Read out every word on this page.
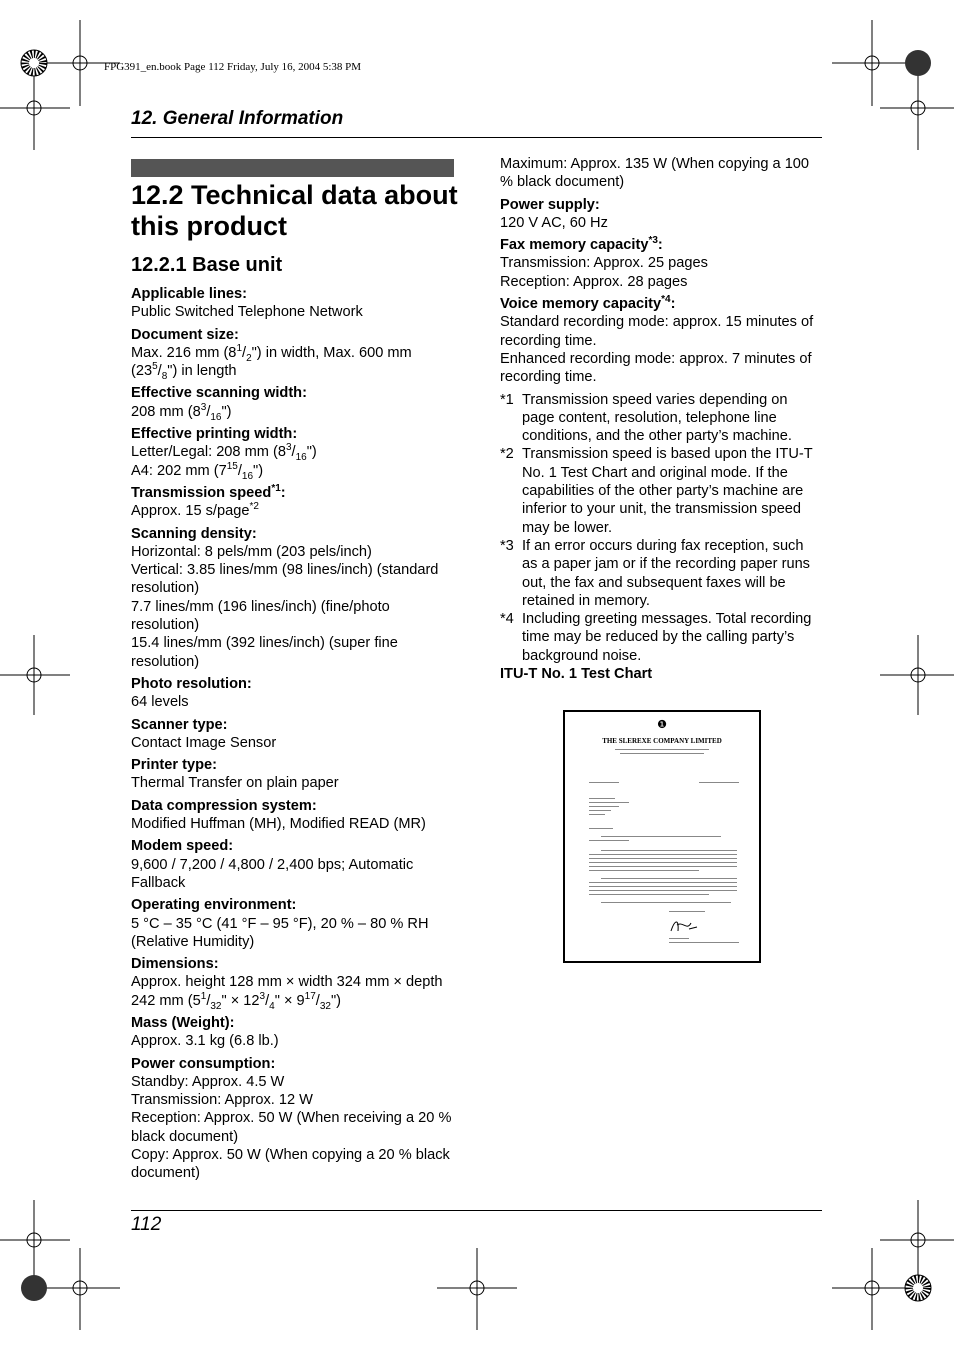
FPG391_en.book Page 112 Friday, July 16, 2004 5:38 PM
12. General Information
12.2 Technical data about this product
12.2.1 Base unit
Applicable lines:
Public Switched Telephone Network
Document size:
Max. 216 mm $(8^1/_2")$ in width, Max. 600 mm $(23^5/_8")$ in length
Effective scanning width:
208 mm $(8^3/_{16}")$
Effective printing width:
Letter/Legal: 208 mm $(8^3/_{16}")$
A4: 202 mm $(7^{15}/_{16}")$
Transmission speed$^{*1}$:
Approx. 15 s/page$^{*2}$
Scanning density:
Horizontal: 8 pels/mm (203 pels/inch)
Vertical: 3.85 lines/mm (98 lines/inch) (standard resolution)
7.7 lines/mm (196 lines/inch) (fine/photo resolution)
15.4 lines/mm (392 lines/inch) (super fine resolution)
Photo resolution:
64 levels
Scanner type:
Contact Image Sensor
Printer type:
Thermal Transfer on plain paper
Data compression system:
Modified Huffman (MH), Modified READ (MR)
Modem speed:
9,600 / 7,200 / 4,800 / 2,400 bps; Automatic Fallback
Operating environment:
5 °C – 35 °C (41 °F – 95 °F), 20 % – 80 % RH (Relative Humidity)
Dimensions:
Approx. height 128 mm × width 324 mm × depth
242 mm ($5^1/_{32}$" × $12^3/_4$" × $9^{17}/_{32}$")
Mass (Weight):
Approx. 3.1 kg (6.8 lb.)
Power consumption:
Standby: Approx. 4.5 W
Transmission: Approx. 12 W
Reception: Approx. 50 W (When receiving a 20 % black document)
Copy: Approx. 50 W (When copying a 20 % black document)
Maximum: Approx. 135 W (When copying a 100 % black document)
Power supply:
120 V AC, 60 Hz
Fax memory capacity$^{*3}$:
Transmission: Approx. 25 pages
Reception: Approx. 28 pages
Voice memory capacity$^{*4}$:
Standard recording mode: approx. 15 minutes of recording time.
Enhanced recording mode: approx. 7 minutes of recording time.
*1 Transmission speed varies depending on page content, resolution, telephone line conditions, and the other party’s machine.
*2 Transmission speed is based upon the ITU-T No. 1 Test Chart and original mode. If the capabilities of the other party’s machine are inferior to your unit, the transmission speed may be lower.
*3 If an error occurs during fax reception, such as a paper jam or if the recording paper runs out, the fax and subsequent faxes will be retained in memory.
*4 Including greeting messages. Total recording time may be reduced by the calling party’s background noise.
ITU-T No. 1 Test Chart
❶
THE SLEREXE COMPANY LIMITED
112
